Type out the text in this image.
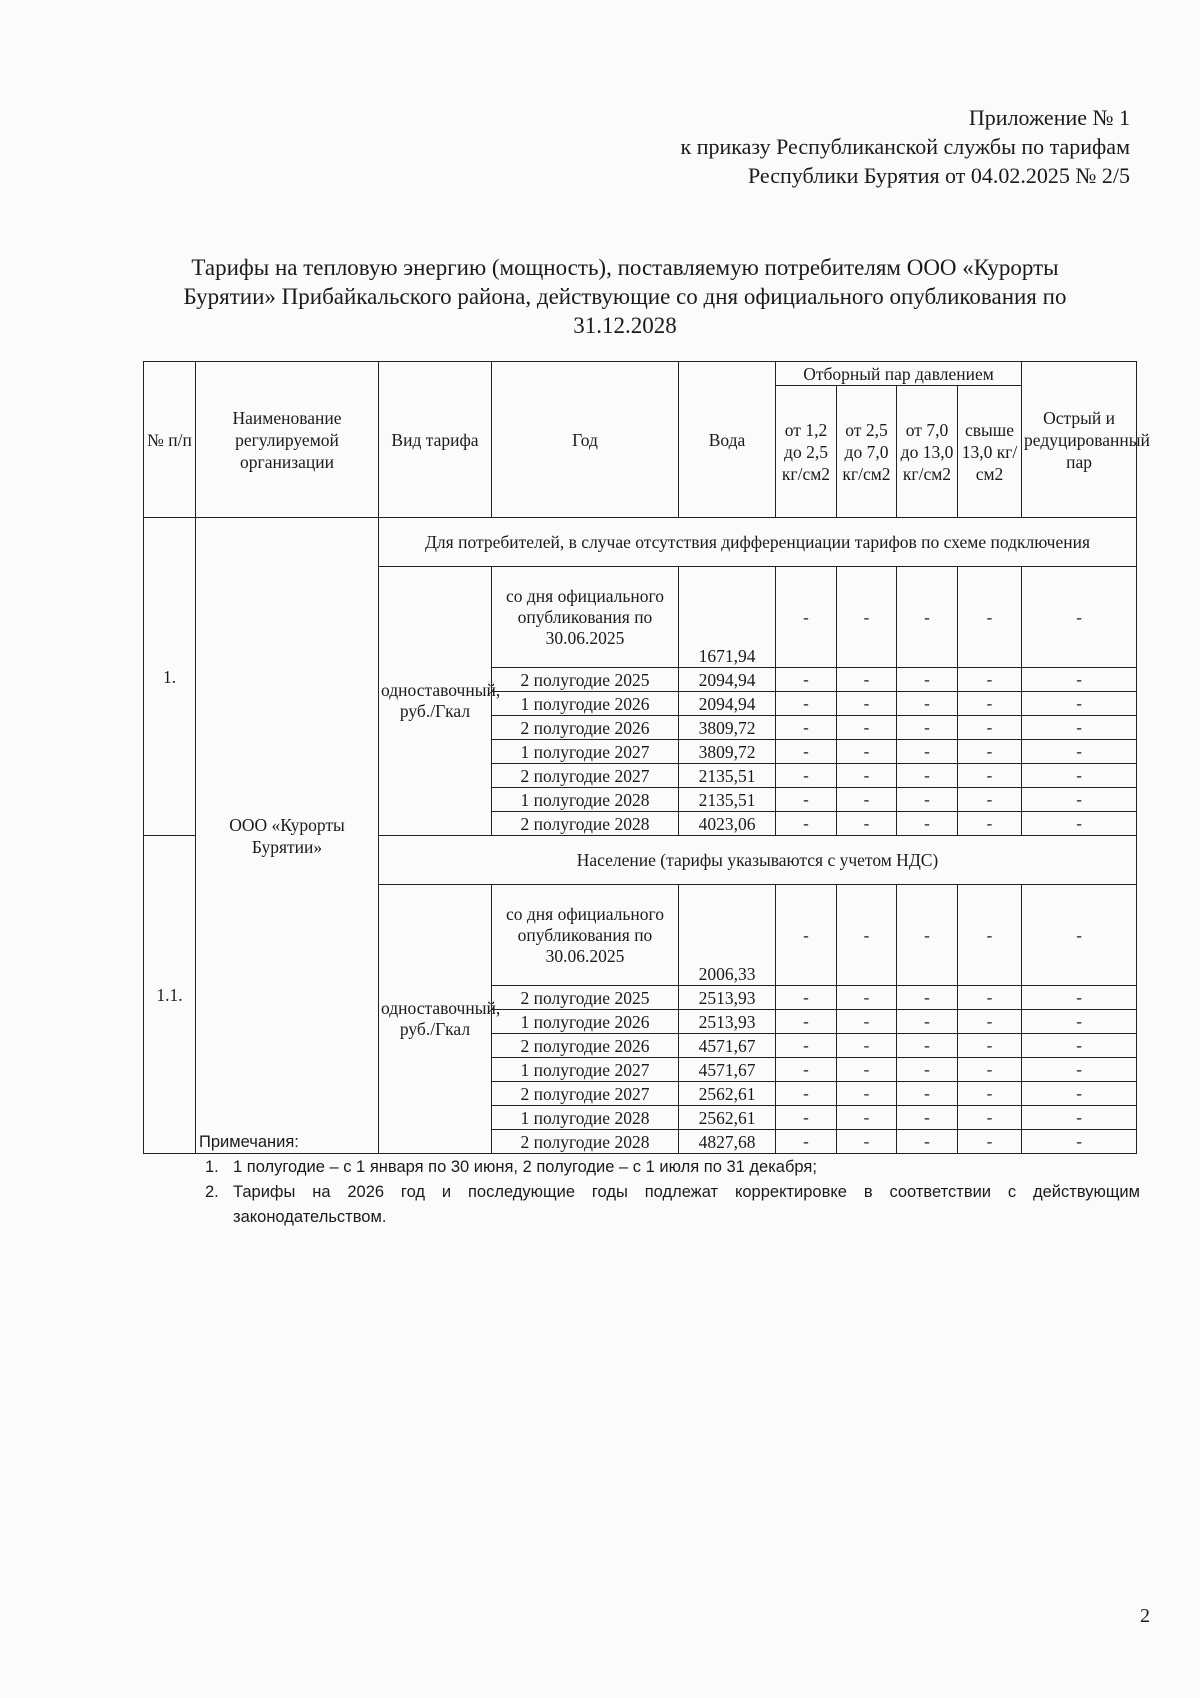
Приложение № 1
к приказу Республиканской службы по тарифам
Республики Бурятия от 04.02.2025 № 2/5
Тарифы на тепловую энергию (мощность), поставляемую потребителям ООО «Курорты Бурятии» Прибайкальского района, действующие со дня официального опубликования по 31.12.2028
№ п/п	Наименование регулируемой организации	Вид тарифа	Год	Вода	Отборный пар давлением				Острый и редуцированный пар
					от 1,2 до 2,5 кг/см2	от 2,5 до 7,0 кг/см2	от 7,0 до 13,0 кг/см2	свыше 13,0 кг/см2	
1.	ООО «Курорты Бурятии»	Для потребителей, в случае отсутствия дифференциации тарифов по схеме подключения							
		одноставочный, руб./Гкал	со дня официального опубликования по 30.06.2025	1671,94	-	-	-	-	-
			2 полугодие 2025	2094,94	-	-	-	-	-
			1 полугодие 2026	2094,94	-	-	-	-	-
			2 полугодие 2026	3809,72	-	-	-	-	-
			1 полугодие 2027	3809,72	-	-	-	-	-
			2 полугодие 2027	2135,51	-	-	-	-	-
			1 полугодие 2028	2135,51	-	-	-	-	-
			2 полугодие 2028	4023,06	-	-	-	-	-
1.1.		Население (тарифы указываются с учетом НДС)							
		одноставочный, руб./Гкал	со дня официального опубликования по 30.06.2025	2006,33	-	-	-	-	-
			2 полугодие 2025	2513,93	-	-	-	-	-
			1 полугодие 2026	2513,93	-	-	-	-	-
			2 полугодие 2026	4571,67	-	-	-	-	-
			1 полугодие 2027	4571,67	-	-	-	-	-
			2 полугодие 2027	2562,61	-	-	-	-	-
			1 полугодие 2028	2562,61	-	-	-	-	-
			2 полугодие 2028	4827,68	-	-	-	-	-
Примечания:
1. 1 полугодие – с 1 января по 30 июня, 2 полугодие – с 1 июля по 31 декабря;
2. Тарифы на 2026 год и последующие годы подлежат корректировке в соответствии с действующим законодательством.
2
